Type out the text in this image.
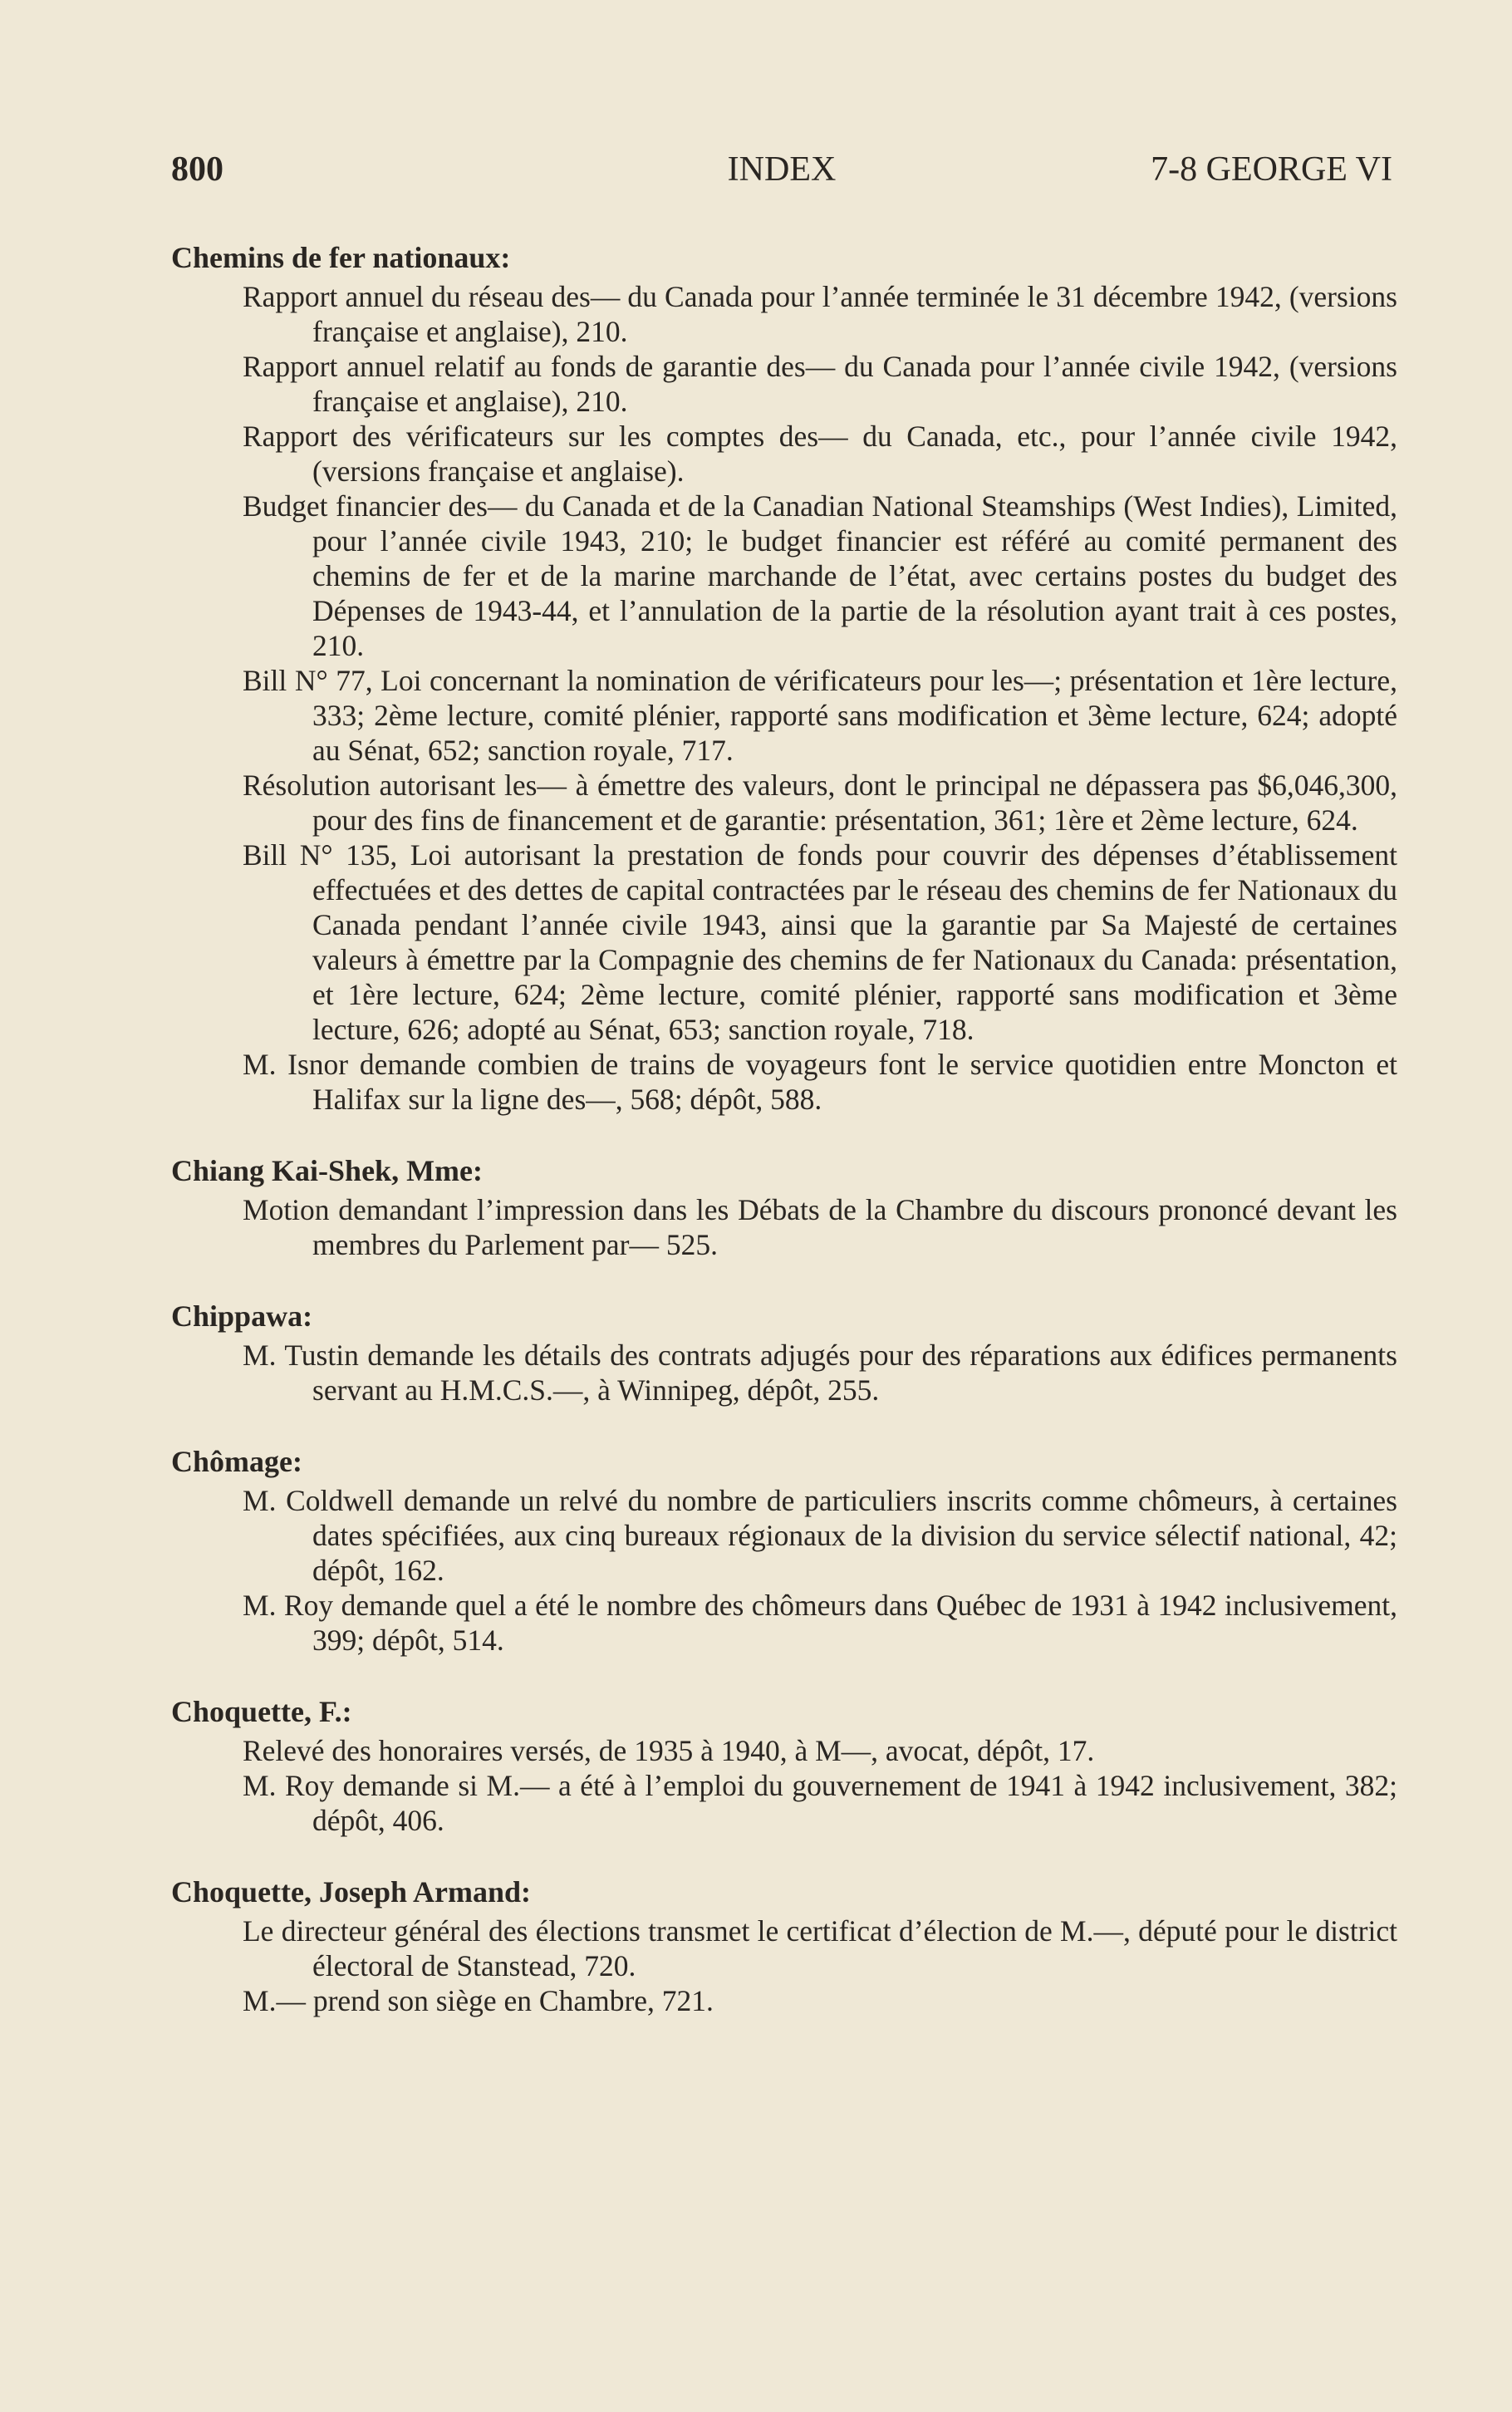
800	INDEX	7-8 GEORGE VI
Chemins de fer nationaux:
Rapport annuel du réseau des— du Canada pour l’année terminée le 31 décembre 1942, (versions française et anglaise), 210.
Rapport annuel relatif au fonds de garantie des— du Canada pour l’année civile 1942, (versions française et anglaise), 210.
Rapport des vérificateurs sur les comptes des— du Canada, etc., pour l’année civile 1942, (versions française et anglaise).
Budget financier des— du Canada et de la Canadian National Steamships (West Indies), Limited, pour l’année civile 1943, 210; le budget financier est référé au comité permanent des chemins de fer et de la marine marchande de l’état, avec certains postes du budget des Dépenses de 1943-44, et l’annulation de la partie de la résolution ayant trait à ces postes, 210.
Bill N° 77, Loi concernant la nomination de vérificateurs pour les—; présentation et 1ère lecture, 333; 2ème lecture, comité plénier, rapporté sans modification et 3ème lecture, 624; adopté au Sénat, 652; sanction royale, 717.
Résolution autorisant les— à émettre des valeurs, dont le principal ne dépassera pas $6,046,300, pour des fins de financement et de garantie: présentation, 361; 1ère et 2ème lecture, 624.
Bill N° 135, Loi autorisant la prestation de fonds pour couvrir des dépenses d’établissement effectuées et des dettes de capital contractées par le réseau des chemins de fer Nationaux du Canada pendant l’année civile 1943, ainsi que la garantie par Sa Majesté de certaines valeurs à émettre par la Compagnie des chemins de fer Nationaux du Canada: présentation, et 1ère lecture, 624; 2ème lecture, comité plénier, rapporté sans modification et 3ème lecture, 626; adopté au Sénat, 653; sanction royale, 718.
M. Isnor demande combien de trains de voyageurs font le service quotidien entre Moncton et Halifax sur la ligne des—, 568; dépôt, 588.
Chiang Kai-Shek, Mme:
Motion demandant l’impression dans les Débats de la Chambre du discours prononcé devant les membres du Parlement par— 525.
Chippawa:
M. Tustin demande les détails des contrats adjugés pour des réparations aux édifices permanents servant au H.M.C.S.—, à Winnipeg, dépôt, 255.
Chômage:
M. Coldwell demande un relvé du nombre de particuliers inscrits comme chômeurs, à certaines dates spécifiées, aux cinq bureaux régionaux de la division du service sélectif national, 42; dépôt, 162.
M. Roy demande quel a été le nombre des chômeurs dans Québec de 1931 à 1942 inclusivement, 399; dépôt, 514.
Choquette, F.:
Relevé des honoraires versés, de 1935 à 1940, à M—, avocat, dépôt, 17.
M. Roy demande si M.— a été à l’emploi du gouvernement de 1941 à 1942 inclusivement, 382; dépôt, 406.
Choquette, Joseph Armand:
Le directeur général des élections transmet le certificat d’élection de M.—, député pour le district électoral de Stanstead, 720.
M.— prend son siège en Chambre, 721.
